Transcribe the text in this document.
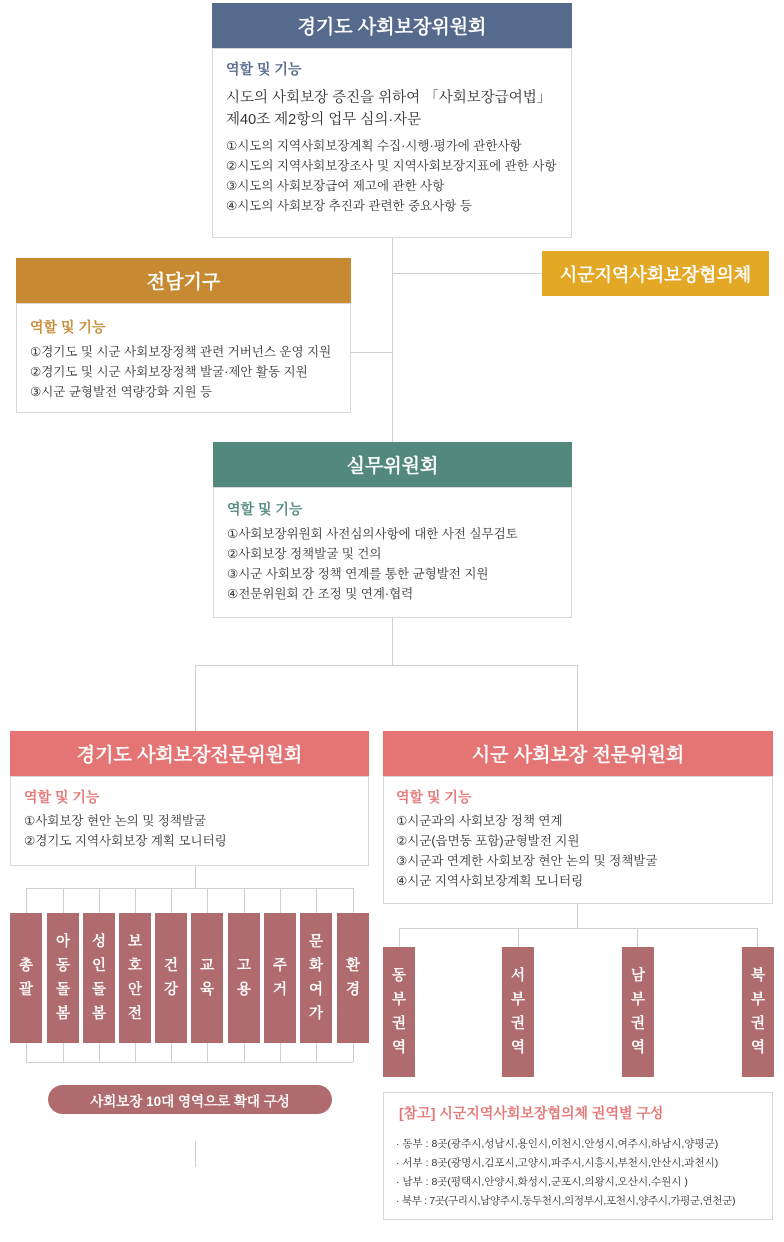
경기도 사회보장위원회
역할 및 기능
시도의 사회보장 증진을 위하여 「사회보장급여법」
제40조 제2항의 업무 심의·자문
①시도의 지역사회보장계획 수집·시행·평가에 관한사항
②시도의 지역사회보장조사 및 지역사회보장지표에 관한 사항
③시도의 사회보장급여 제고에 관한 사항
④시도의 사회보장 추진과 관련한 중요사항 등
시군지역사회보장협의체
전담기구
역할 및 기능
①경기도 및 시군 사회보장정책 관련 거버넌스 운영 지원
②경기도 및 시군 사회보장정책 발굴·제안 활동 지원
③시군 균형발전 역량강화 지원 등
실무위원회
역할 및 기능
①사회보장위원회 사전심의사항에 대한 사전 실무검토
②사회보장 정책발굴 및 건의
③시군 사회보장 정책 연계를 통한 균형발전 지원
④전문위원회 간 조정 및 연계·협력
경기도 사회보장전문위원회
역할 및 기능
①사회보장 현안 논의 및 정책발굴
②경기도 지역사회보장 계획 모니터링
총
괄
아
동
돌
봄
성
인
돌
봄
보
호
안
전
건
강
교
육
고
용
주
거
문
화
여
가
환
경
사회보장 10대 영역으로 확대 구성
시군 사회보장 전문위원회
역할 및 기능
①시군과의 사회보장 정책 연계
②시군(읍면동 포함)균형발전 지원
③시군과 연계한 사회보장 현안 논의 및 정책발굴
④시군 지역사회보장계획 모니터링
동
부
권
역
서
부
권
역
남
부
권
역
북
부
권
역
[참고] 시군지역사회보장협의체 권역별 구성
· 동부 : 8곳(광주시,성남시,용인시,이천시,안성시,여주시,하남시,양평군)
· 서부 : 8곳(광명시,김포시,고양시,파주시,시흥시,부천시,안산시,과천시)
· 남부 : 8곳(평택시,안양시,화성시,군포시,의왕시,오산시,수원시 )
· 북부 : 7곳(구리시,남양주시,동두천시,의정부시,포천시,양주시,가평군,연천군)
